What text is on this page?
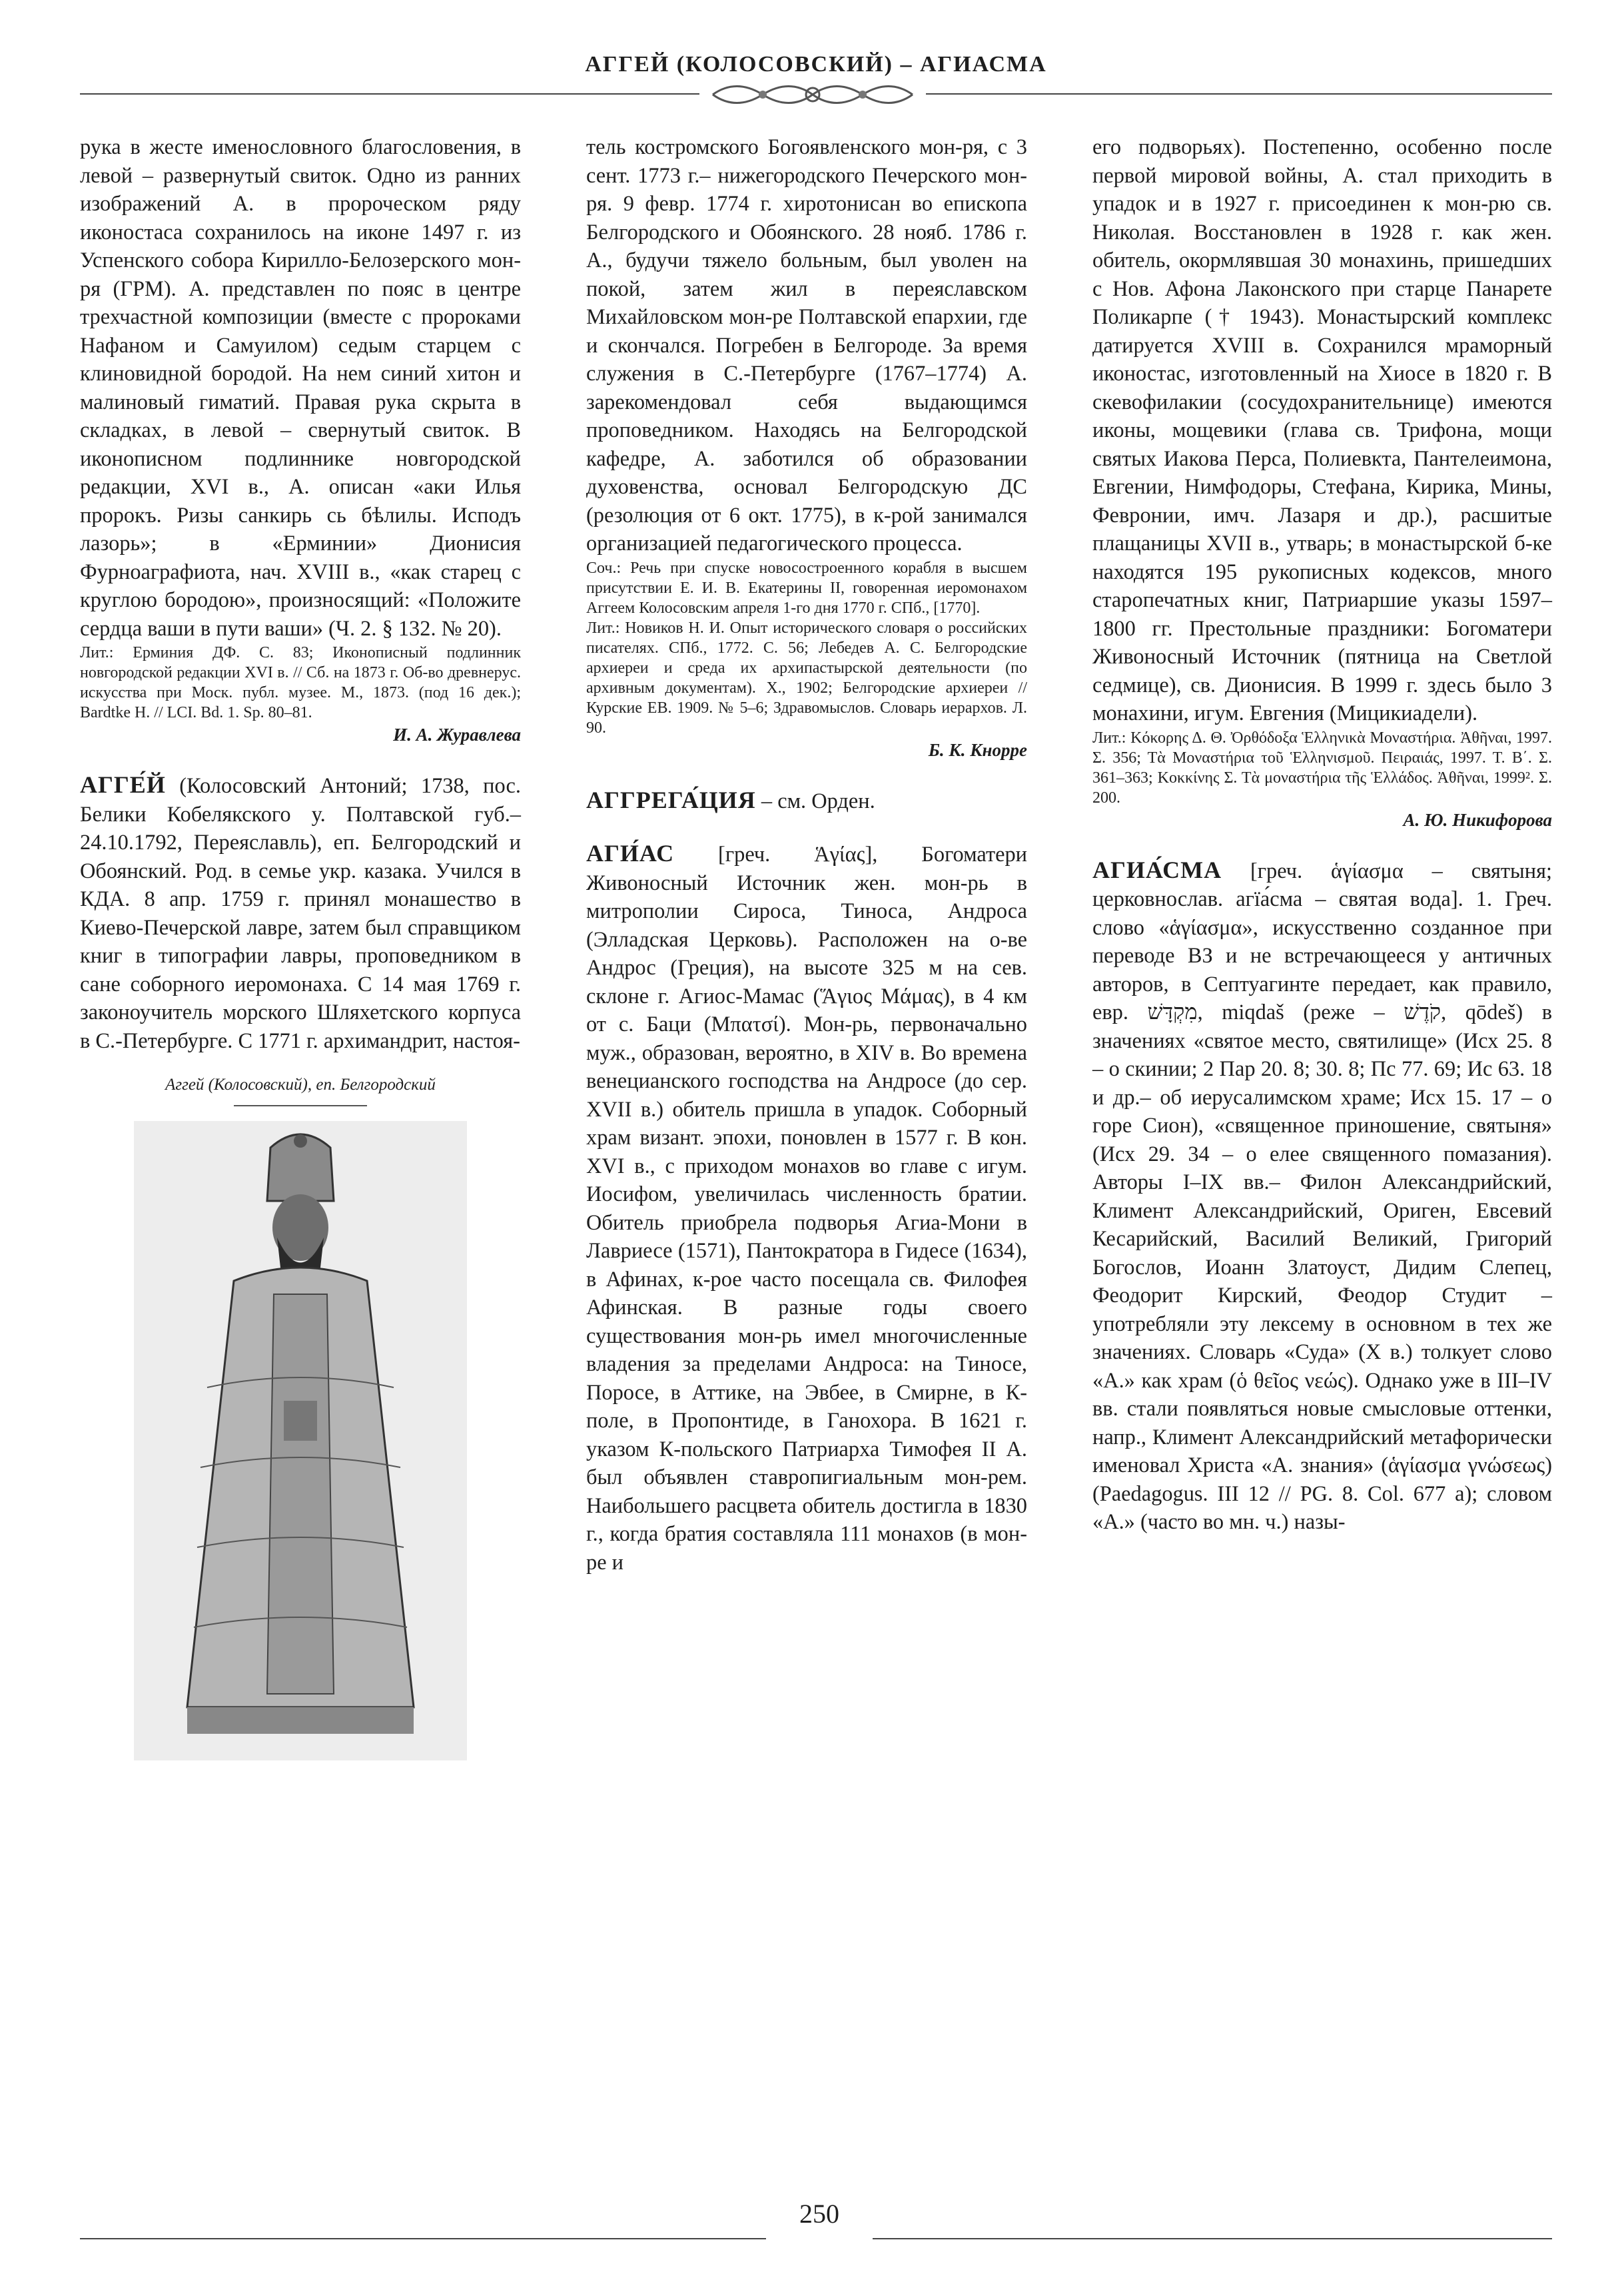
АГГЕЙ (КОЛОСОВСКИЙ) – АГИАСМА

рука в жесте именословного благословения, в левой – развернутый свиток. Одно из ранних изображений А. в пророческом ряду иконостаса сохранилось на иконе 1497 г. из Успенского собора Кирилло-Белозерского мон-ря (ГРМ). А. представлен по пояс в центре трехчастной композиции (вместе с пророками Нафаном и Самуилом) седым старцем с клиновидной бородой. На нем синий хитон и малиновый гиматий. Правая рука скрыта в складках, в левой – свернутый свиток. В иконописном подлиннике новгородской редакции, XVI в., А. описан «аки Илья пророкъ. Ризы санкирь сь бѣлилы. Исподъ лазорь»; в «Ерминии» Дионисия Фурноаграфиота, нач. XVIII в., «как старец с круглою бородою», произносящий: «Положите сердца ваши в пути ваши» (Ч. 2. § 132. № 20).

Лит.: Ерминия ДФ. С. 83; Иконописный подлинник новгородской редакции XVI в. // Сб. на 1873 г. Об-во древнерус. искусства при Моск. публ. музее. М., 1873. (под 16 дек.); Bardtke H. // LCI. Bd. 1. Sp. 80–81.

И. А. Журавлева

АГГЕ́Й (Колосовский Антоний; 1738, пос. Белики Кобелякского у. Полтавской губ.– 24.10.1792, Переяславль), еп. Белгородский и Обоянский. Род. в семье укр. казака. Учился в КДА. 8 апр. 1759 г. принял монашество в Киево-Печерской лавре, затем был справщиком книг в типографии лавры, проповедником в сане соборного иеромонаха. С 14 мая 1769 г. законоучитель морского Шляхетского корпуса в С.-Петербурге. С 1771 г. архимандрит, настоя-

Аггей (Колосовский), еп. Белгородский

тель костромского Богоявленского мон-ря, с 3 сент. 1773 г.– нижегородского Печерского мон-ря. 9 февр. 1774 г. хиротонисан во епископа Белгородского и Обоянского. 28 нояб. 1786 г. А., будучи тяжело больным, был уволен на покой, затем жил в переяславском Михайловском мон-ре Полтавской епархии, где и скончался. Погребен в Белгороде. За время служения в С.-Петербурге (1767–1774) А. зарекомендовал себя выдающимся проповедником. Находясь на Белгородской кафедре, А. заботился об образовании духовенства, основал Белгородскую ДС (резолюция от 6 окт. 1775), в к-рой занимался организацией педагогического процесса.

Соч.: Речь при спуске новосостроенного корабля в высшем присутствии Е. И. В. Екатерины II, говоренная иеромонахом Аггеем Колосовским апреля 1-го дня 1770 г. СПб., [1770].

Лит.: Новиков Н. И. Опыт исторического словаря о российских писателях. СПб., 1772. С. 56; Лебедев А. С. Белгородские архиереи и среда их архипастырской деятельности (по архивным документам). Х., 1902; Белгородские архиереи // Курские ЕВ. 1909. № 5–6; Здравомыслов. Словарь иерархов. Л. 90.

Б. К. Кнорре

АГГРЕГА́ЦИЯ – см. Орден.

АГИ́АС [греч. Ἁγίας], Богоматери Живоносный Источник жен. мон-рь в митрополии Сироса, Тиноса, Андроса (Элладская Церковь). Расположен на о-ве Андрос (Греция), на высоте 325 м на сев. склоне г. Агиос-Мамас (Ἅγιος Μάμας), в 4 км от с. Баци (Μπατσί). Мон-рь, первоначально муж., образован, вероятно, в XIV в. Во времена венецианского господства на Андросе (до сер. XVII в.) обитель пришла в упадок. Соборный храм визант. эпохи, поновлен в 1577 г. В кон. XVI в., с приходом монахов во главе с игум. Иосифом, увеличилась численность братии. Обитель приобрела подворья Агиа-Мони в Лавриесе (1571), Пантократора в Гидесе (1634), в Афинах, к-рое часто посещала св. Филофея Афинская. В разные годы своего существования мон-рь имел многочисленные владения за пределами Андроса: на Тиносе, Поросе, в Аттике, на Эвбее, в Смирне, в К-поле, в Пропонтиде, в Ганохора. В 1621 г. указом К-польского Патриарха Тимофея II А. был объявлен ставропигиальным мон-рем. Наибольшего расцвета обитель достигла в 1830 г., когда братия составляла 111 монахов (в мон-ре и

его подворьях). Постепенно, особенно после первой мировой войны, А. стал приходить в упадок и в 1927 г. присоединен к мон-рю св. Николая. Восстановлен в 1928 г. как жен. обитель, окормлявшая 30 монахинь, пришедших с Нов. Афона Лаконского при старце Панарете Поликарпе († 1943). Монастырский комплекс датируется XVIII в. Сохранился мраморный иконостас, изготовленный на Хиосе в 1820 г. В скевофилакии (сосудохранительнице) имеются иконы, мощевики (глава св. Трифона, мощи святых Иакова Перса, Полиевкта, Пантелеимона, Евгении, Нимфодоры, Стефана, Кирика, Мины, Февронии, имч. Лазаря и др.), расшитые плащаницы XVII в., утварь; в монастырской б-ке находятся 195 рукописных кодексов, много старопечатных книг, Патриаршие указы 1597–1800 гг. Престольные праздники: Богоматери Живоносный Источник (пятница на Светлой седмице), св. Дионисия. В 1999 г. здесь было 3 монахини, игум. Евгения (Мицикиадели).

Лит.: Κόκορης Δ. Θ. Ὀρθόδοξα Ἑλληνικὰ Μοναστήρια. Ἀθῆναι, 1997. Σ. 356; Τὰ Μοναστήρια τοῦ Ἑλληνισμοῦ. Πειραιάς, 1997. Τ. Β΄. Σ. 361–363; Κοκκίνης Σ. Τὰ μοναστήρια τῆς Ἑλλάδος. Ἀθῆναι, 1999². Σ. 200.

А. Ю. Никифорова

АГИА́СМА [греч. ἁγίασμα – святыня; церковнослав. агїа́сма – святая вода]. 1. Греч. слово «ἁγίασμα», искусственно созданное при переводе ВЗ и не встречающееся у античных авторов, в Септуагинте передает, как правило, евр. מִקְדָּשׁ, miqdaš (реже – קֹדֶשׁ, qōdeš) в значениях «святое место, святилище» (Исх 25. 8 – о скинии; 2 Пар 20. 8; 30. 8; Пс 77. 69; Ис 63. 18 и др.– об иерусалимском храме; Исх 15. 17 – о горе Сион), «священное приношение, святыня» (Исх 29. 34 – о елее священного помазания). Авторы I–IX вв.– Филон Александрийский, Климент Александрийский, Ориген, Евсевий Кесарийский, Василий Великий, Григорий Богослов, Иоанн Златоуст, Дидим Слепец, Феодорит Кирский, Феодор Студит – употребляли эту лексему в основном в тех же значениях. Словарь «Суда» (X в.) толкует слово «А.» как храм (ὁ θεῖος νεώς). Однако уже в III–IV вв. стали появляться новые смысловые оттенки, напр., Климент Александрийский метафорически именовал Христа «А. знания» (ἁγίασμα γνώσεως) (Paedagogus. III 12 // PG. 8. Col. 677 a); словом «А.» (часто во мн. ч.) назы-

250
